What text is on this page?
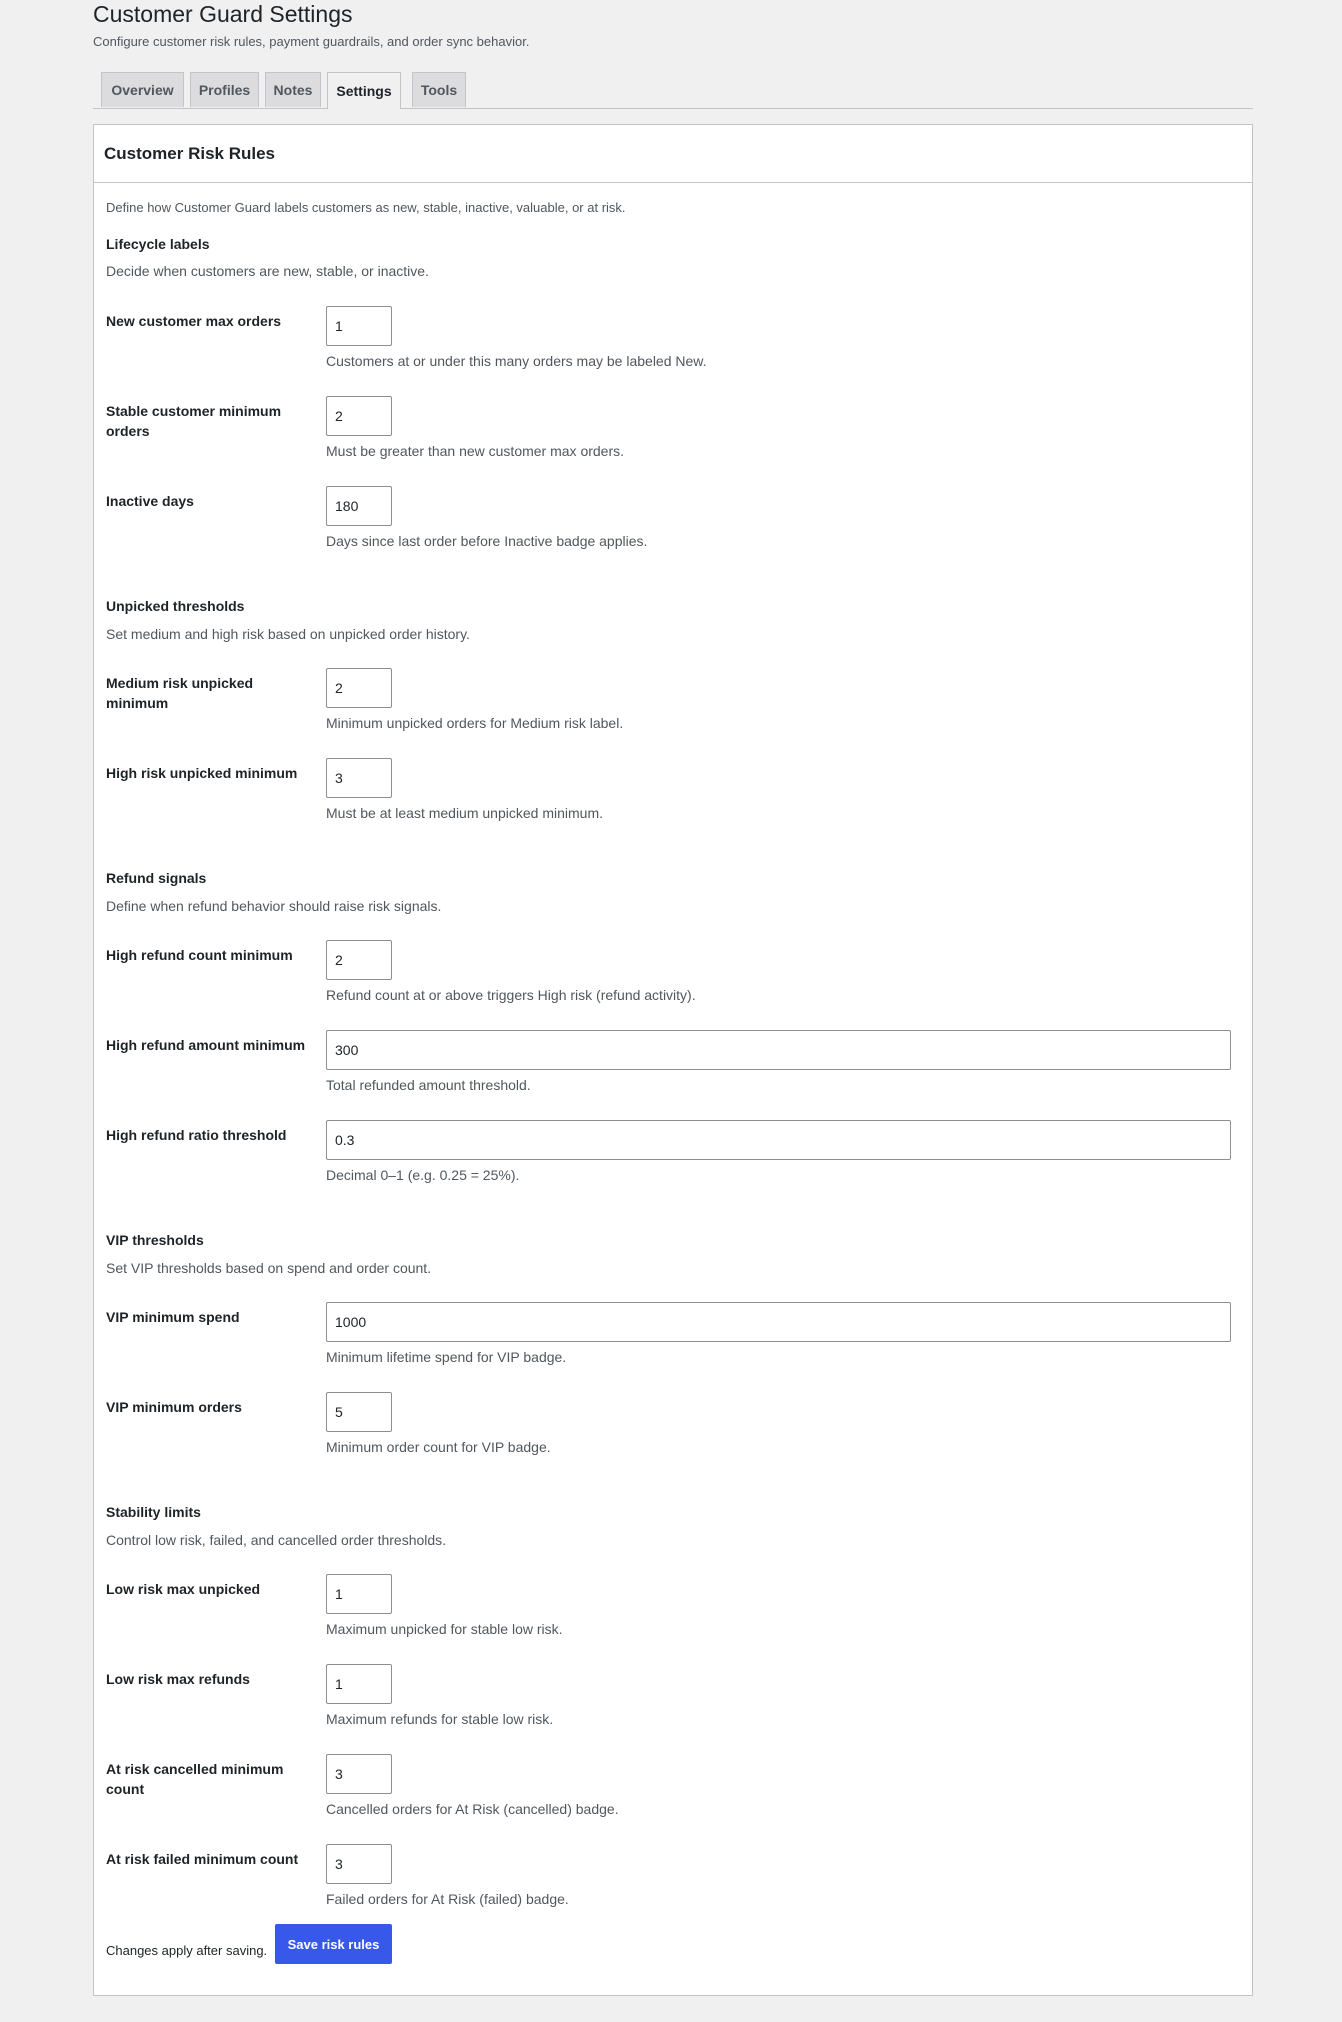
Customer Guard Settings

Configure customer risk rules, payment guardrails, and order sync behavior.

Overview	Profiles	Notes	Settings	Tools
Customer Risk Rules
Define how Customer Guard labels customers as new, stable, inactive, valuable, or at risk.
Lifecycle labels
Decide when customers are new, stable, or inactive.
New customer max orders
1
Customers at or under this many orders may be labeled New.
Stable customer minimum orders
2
Must be greater than new customer max orders.
Inactive days
180
Days since last order before Inactive badge applies.
Unpicked thresholds
Set medium and high risk based on unpicked order history.
Medium risk unpicked minimum
2
Minimum unpicked orders for Medium risk label.
High risk unpicked minimum
3
Must be at least medium unpicked minimum.
Refund signals
Define when refund behavior should raise risk signals.
High refund count minimum
2
Refund count at or above triggers High risk (refund activity).
High refund amount minimum
300
Total refunded amount threshold.
High refund ratio threshold
0.3
Decimal 0–1 (e.g. 0.25 = 25%).
VIP thresholds
Set VIP thresholds based on spend and order count.
VIP minimum spend
1000
Minimum lifetime spend for VIP badge.
VIP minimum orders
5
Minimum order count for VIP badge.
Stability limits
Control low risk, failed, and cancelled order thresholds.
Low risk max unpicked
1
Maximum unpicked for stable low risk.
Low risk max refunds
1
Maximum refunds for stable low risk.
At risk cancelled minimum count
3
Cancelled orders for At Risk (cancelled) badge.
At risk failed minimum count
3
Failed orders for At Risk (failed) badge.
Changes apply after saving.	Save risk rules
